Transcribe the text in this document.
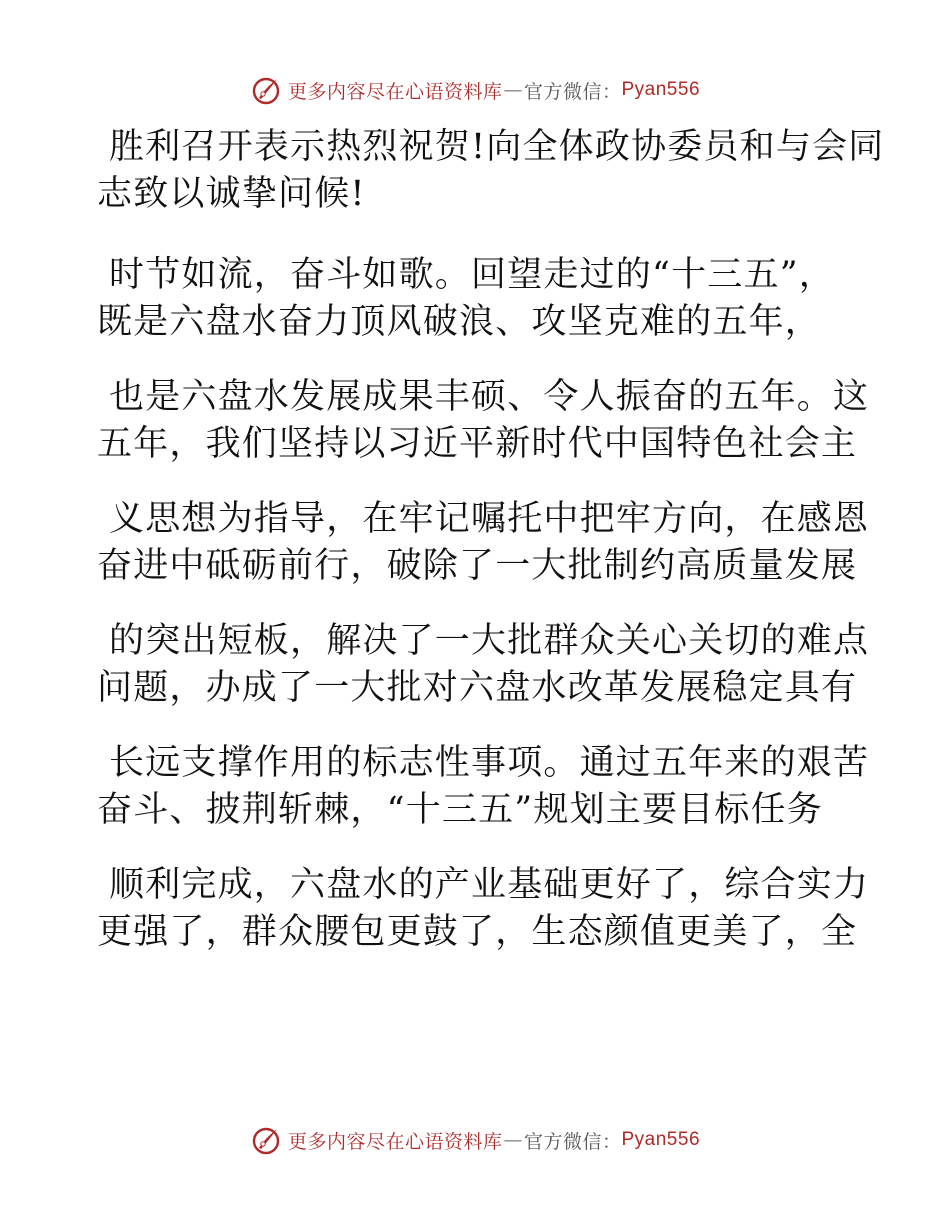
更多内容尽在心语资料库 — 官方微信： Pyan556
胜利召开表示热烈祝贺!向全体政协委员和与会同
志致以诚挚问候!
时节如流，奋斗如歌。回望走过的“十三五”，
既是六盘水奋力顶风破浪、攻坚克难的五年，
也是六盘水发展成果丰硕、令人振奋的五年。这
五年，我们坚持以习近平新时代中国特色社会主
义思想为指导，在牢记嘱托中把牢方向，在感恩
奋进中砥砺前行，破除了一大批制约高质量发展
的突出短板，解决了一大批群众关心关切的难点
问题，办成了一大批对六盘水改革发展稳定具有
长远支撑作用的标志性事项。通过五年来的艰苦
奋斗、披荆斩棘，“十三五”规划主要目标任务
顺利完成，六盘水的产业基础更好了，综合实力
更强了，群众腰包更鼓了，生态颜值更美了，全
更多内容尽在心语资料库 — 官方微信： Pyan556
